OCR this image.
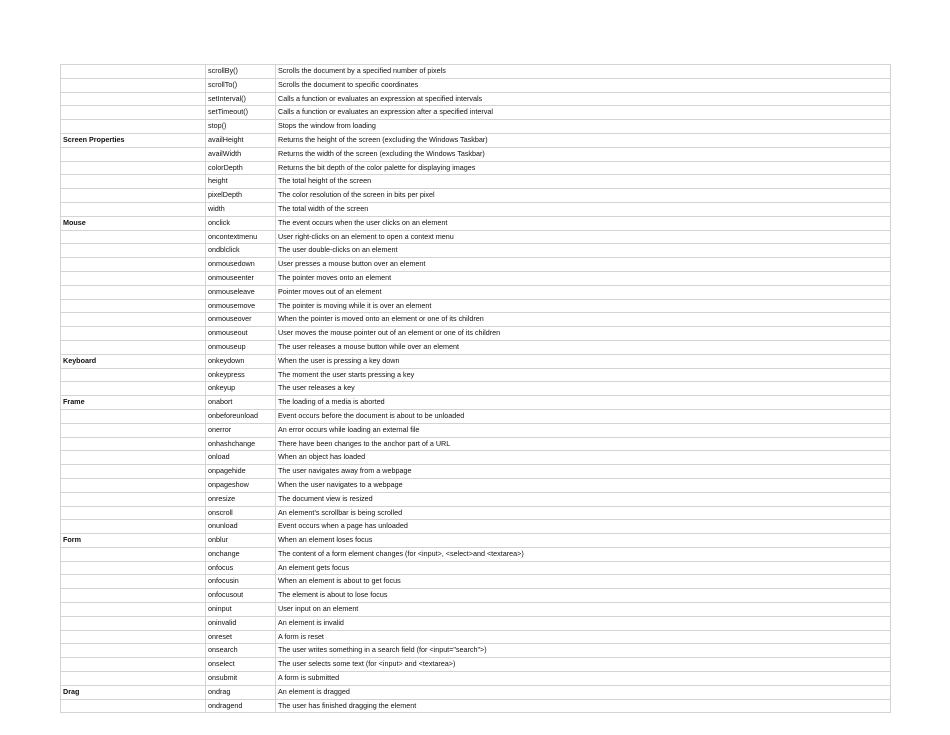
	scrollBy()	Scrolls the document by a specified number of pixels
	scrollTo()	Scrolls the document to specific coordinates
	setInterval()	Calls a function or evaluates an expression at specified intervals
	setTimeout()	Calls a function or evaluates an expression after a specified interval
	stop()	Stops the window from loading
Screen Properties	availHeight	Returns the height of the screen (excluding the Windows Taskbar)
	availWidth	Returns the width of the screen (excluding the Windows Taskbar)
	colorDepth	Returns the bit depth of the color palette for displaying images
	height	The total height of the screen
	pixelDepth	The color resolution of the screen in bits per pixel
	width	The total width of the screen
Mouse	onclick	The event occurs when the user clicks on an element
	oncontextmenu	User right-clicks on an element to open a context menu
	ondblclick	The user double-clicks on an element
	onmousedown	User presses a mouse button over an element
	onmouseenter	The pointer moves onto an element
	onmouseleave	Pointer moves out of an element
	onmousemove	The pointer is moving while it is over an element
	onmouseover	When the pointer is moved onto an element or one of its children
	onmouseout	User moves the mouse pointer out of an element or one of its children
	onmouseup	The user releases a mouse button while over an element
Keyboard	onkeydown	When the user is pressing a key down
	onkeypress	The moment the user starts pressing a key
	onkeyup	The user releases a key
Frame	onabort	The loading of a media is aborted
	onbeforeunload	Event occurs before the document is about to be unloaded
	onerror	An error occurs while loading an external file
	onhashchange	There have been changes to the anchor part of a URL
	onload	When an object has loaded
	onpagehide	The user navigates away from a webpage
	onpageshow	When the user navigates to a webpage
	onresize	The document view is resized
	onscroll	An element’s scrollbar is being scrolled
	onunload	Event occurs when a page has unloaded
Form	onblur	When an element loses focus
	onchange	The content of a form element changes (for <input>, <select>and <textarea>)
	onfocus	An element gets focus
	onfocusin	When an element is about to get focus
	onfocusout	The element is about to lose focus
	oninput	User input on an element
	oninvalid	An element is invalid
	onreset	A form is reset
	onsearch	The user writes something in a search field (for <input="search">)
	onselect	The user selects some text (for <input> and <textarea>)
	onsubmit	A form is submitted
Drag	ondrag	An element is dragged
	ondragend	The user has finished dragging the element
